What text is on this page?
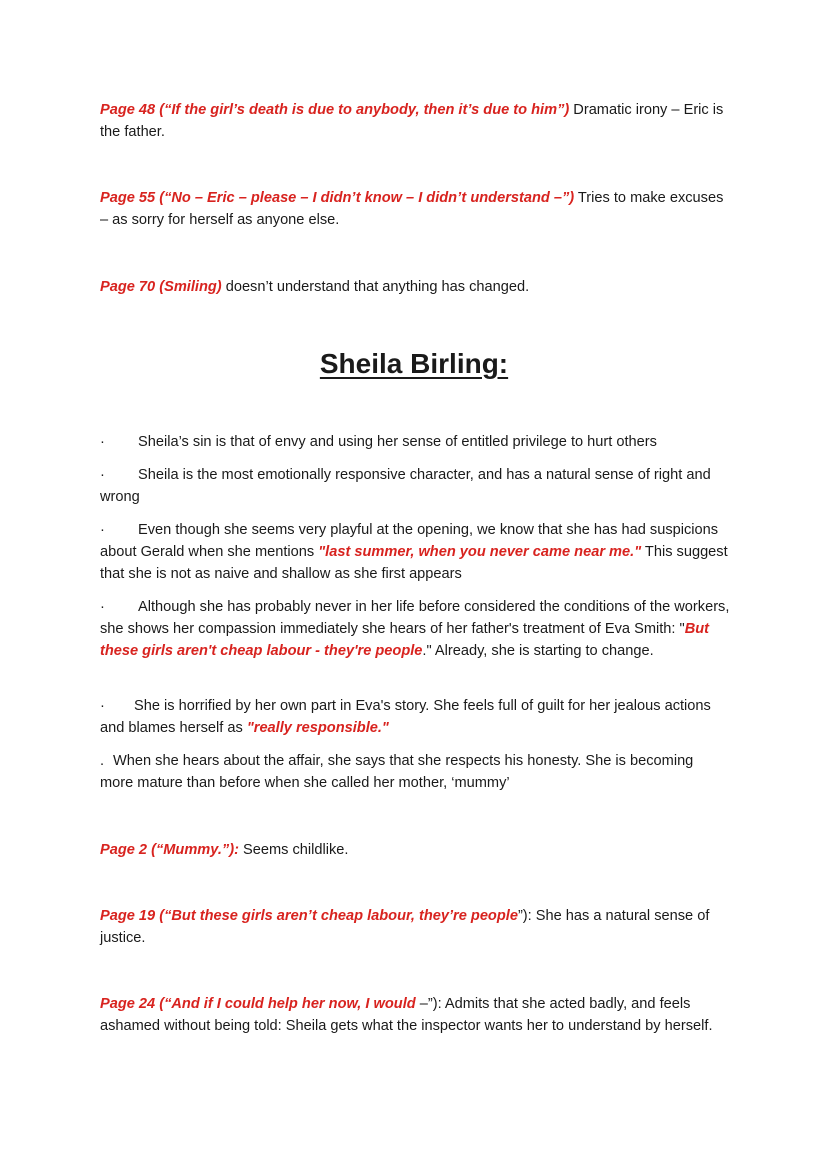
Page 48 (“If the girl’s death is due to anybody, then it’s due to him”) Dramatic irony – Eric is the father.

Page 55 (“No – Eric – please – I didn’t know – I didn’t understand –”) Tries to make excuses – as sorry for herself as anyone else.

Page 70 (Smiling) doesn’t understand that anything has changed.

Sheila Birling:

· Sheila’s sin is that of envy and using her sense of entitled privilege to hurt others

· Sheila is the most emotionally responsive character, and has a natural sense of right and wrong

· Even though she seems very playful at the opening, we know that she has had suspicions about Gerald when she mentions "last summer, when you never came near me." This suggest that she is not as naive and shallow as she first appears

· Although she has probably never in her life before considered the conditions of the workers, she shows her compassion immediately she hears of her father's treatment of Eva Smith: "But these girls aren't cheap labour - they're people." Already, she is starting to change.

· She is horrified by her own part in Eva's story. She feels full of guilt for her jealous actions and blames herself as "really responsible."

. When she hears about the affair, she says that she respects his honesty. She is becoming more mature than before when she called her mother, ‘mummy’

Page 2 (“Mummy.”): Seems childlike.

Page 19 (“But these girls aren’t cheap labour, they’re people”): She has a natural sense of justice.

Page 24 (“And if I could help her now, I would –”): Admits that she acted badly, and feels ashamed without being told: Sheila gets what the inspector wants her to understand by herself.
